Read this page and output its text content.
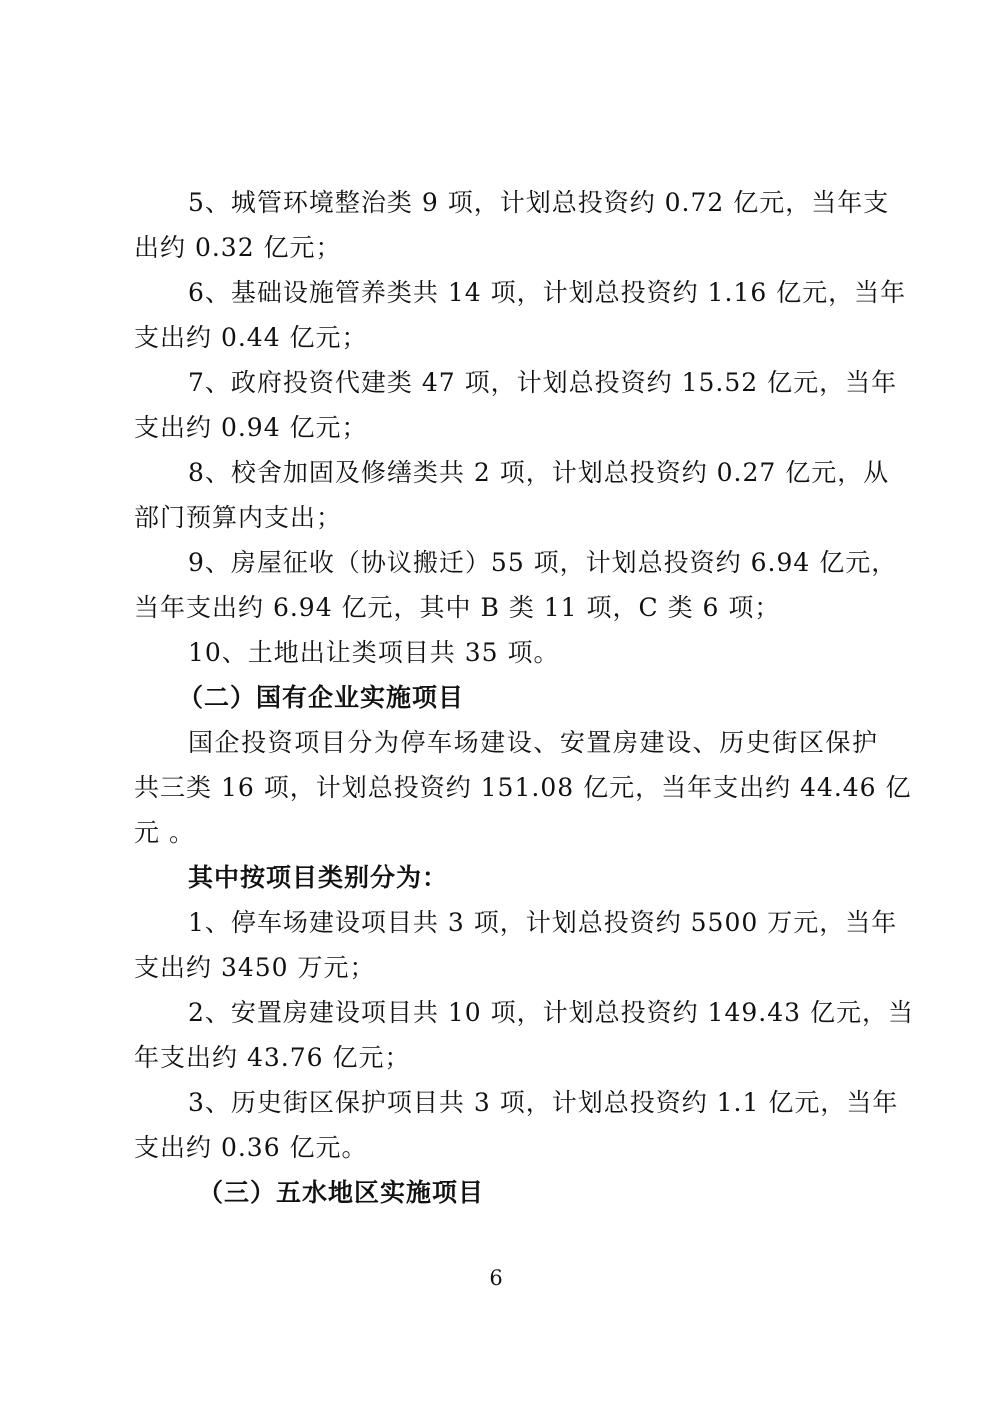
5、城管环境整治类 9 项，计划总投资约 0.72 亿元，当年支
出约 0.32 亿元；
6、基础设施管养类共 14 项，计划总投资约 1.16 亿元，当年
支出约 0.44 亿元；
7、政府投资代建类 47 项，计划总投资约 15.52 亿元，当年
支出约 0.94 亿元；
8、校舍加固及修缮类共 2 项，计划总投资约 0.27 亿元，从
部门预算内支出；
9、房屋征收（协议搬迁）55 项，计划总投资约 6.94 亿元，
当年支出约 6.94 亿元，其中 B 类 11 项，C 类 6 项；
10、土地出让类项目共 35 项。
（二）国有企业实施项目
国企投资项目分为停车场建设、安置房建设、历史街区保护
共三类 16 项，计划总投资约 151.08 亿元，当年支出约 44.46 亿
元 。
其中按项目类别分为：
1、停车场建设项目共 3 项，计划总投资约 5500 万元，当年
支出约 3450 万元；
2、安置房建设项目共 10 项，计划总投资约 149.43 亿元，当
年支出约 43.76 亿元；
3、历史街区保护项目共 3 项，计划总投资约 1.1 亿元，当年
支出约 0.36 亿元。
（三）五水地区实施项目
6
